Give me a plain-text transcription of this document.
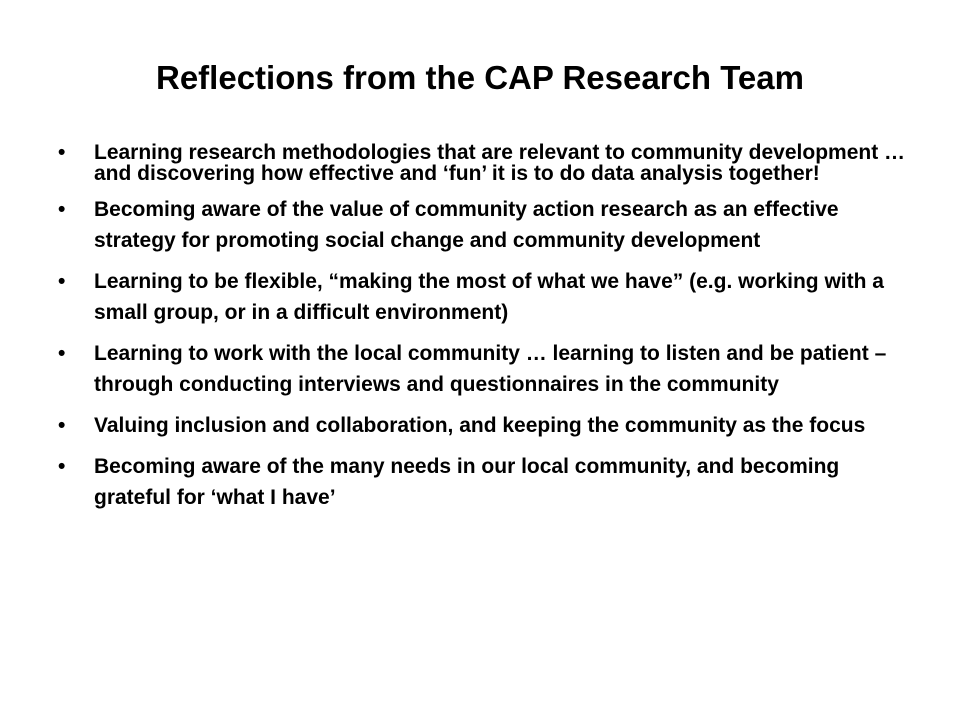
Reflections from the CAP Research Team
• Learning research methodologies that are relevant to community development … and discovering how effective and ‘fun’ it is to do data analysis together!
• Becoming aware of the value of community action research as an effective strategy for promoting social change and community development
• Learning to be flexible, “making the most of what we have” (e.g. working with a small group, or in a difficult environment)
• Learning to work with the local community … learning to listen and be patient – through conducting interviews and questionnaires in the community
• Valuing inclusion and collaboration, and keeping the community as the focus
• Becoming aware of the many needs in our local community, and becoming grateful for ‘what I have’
